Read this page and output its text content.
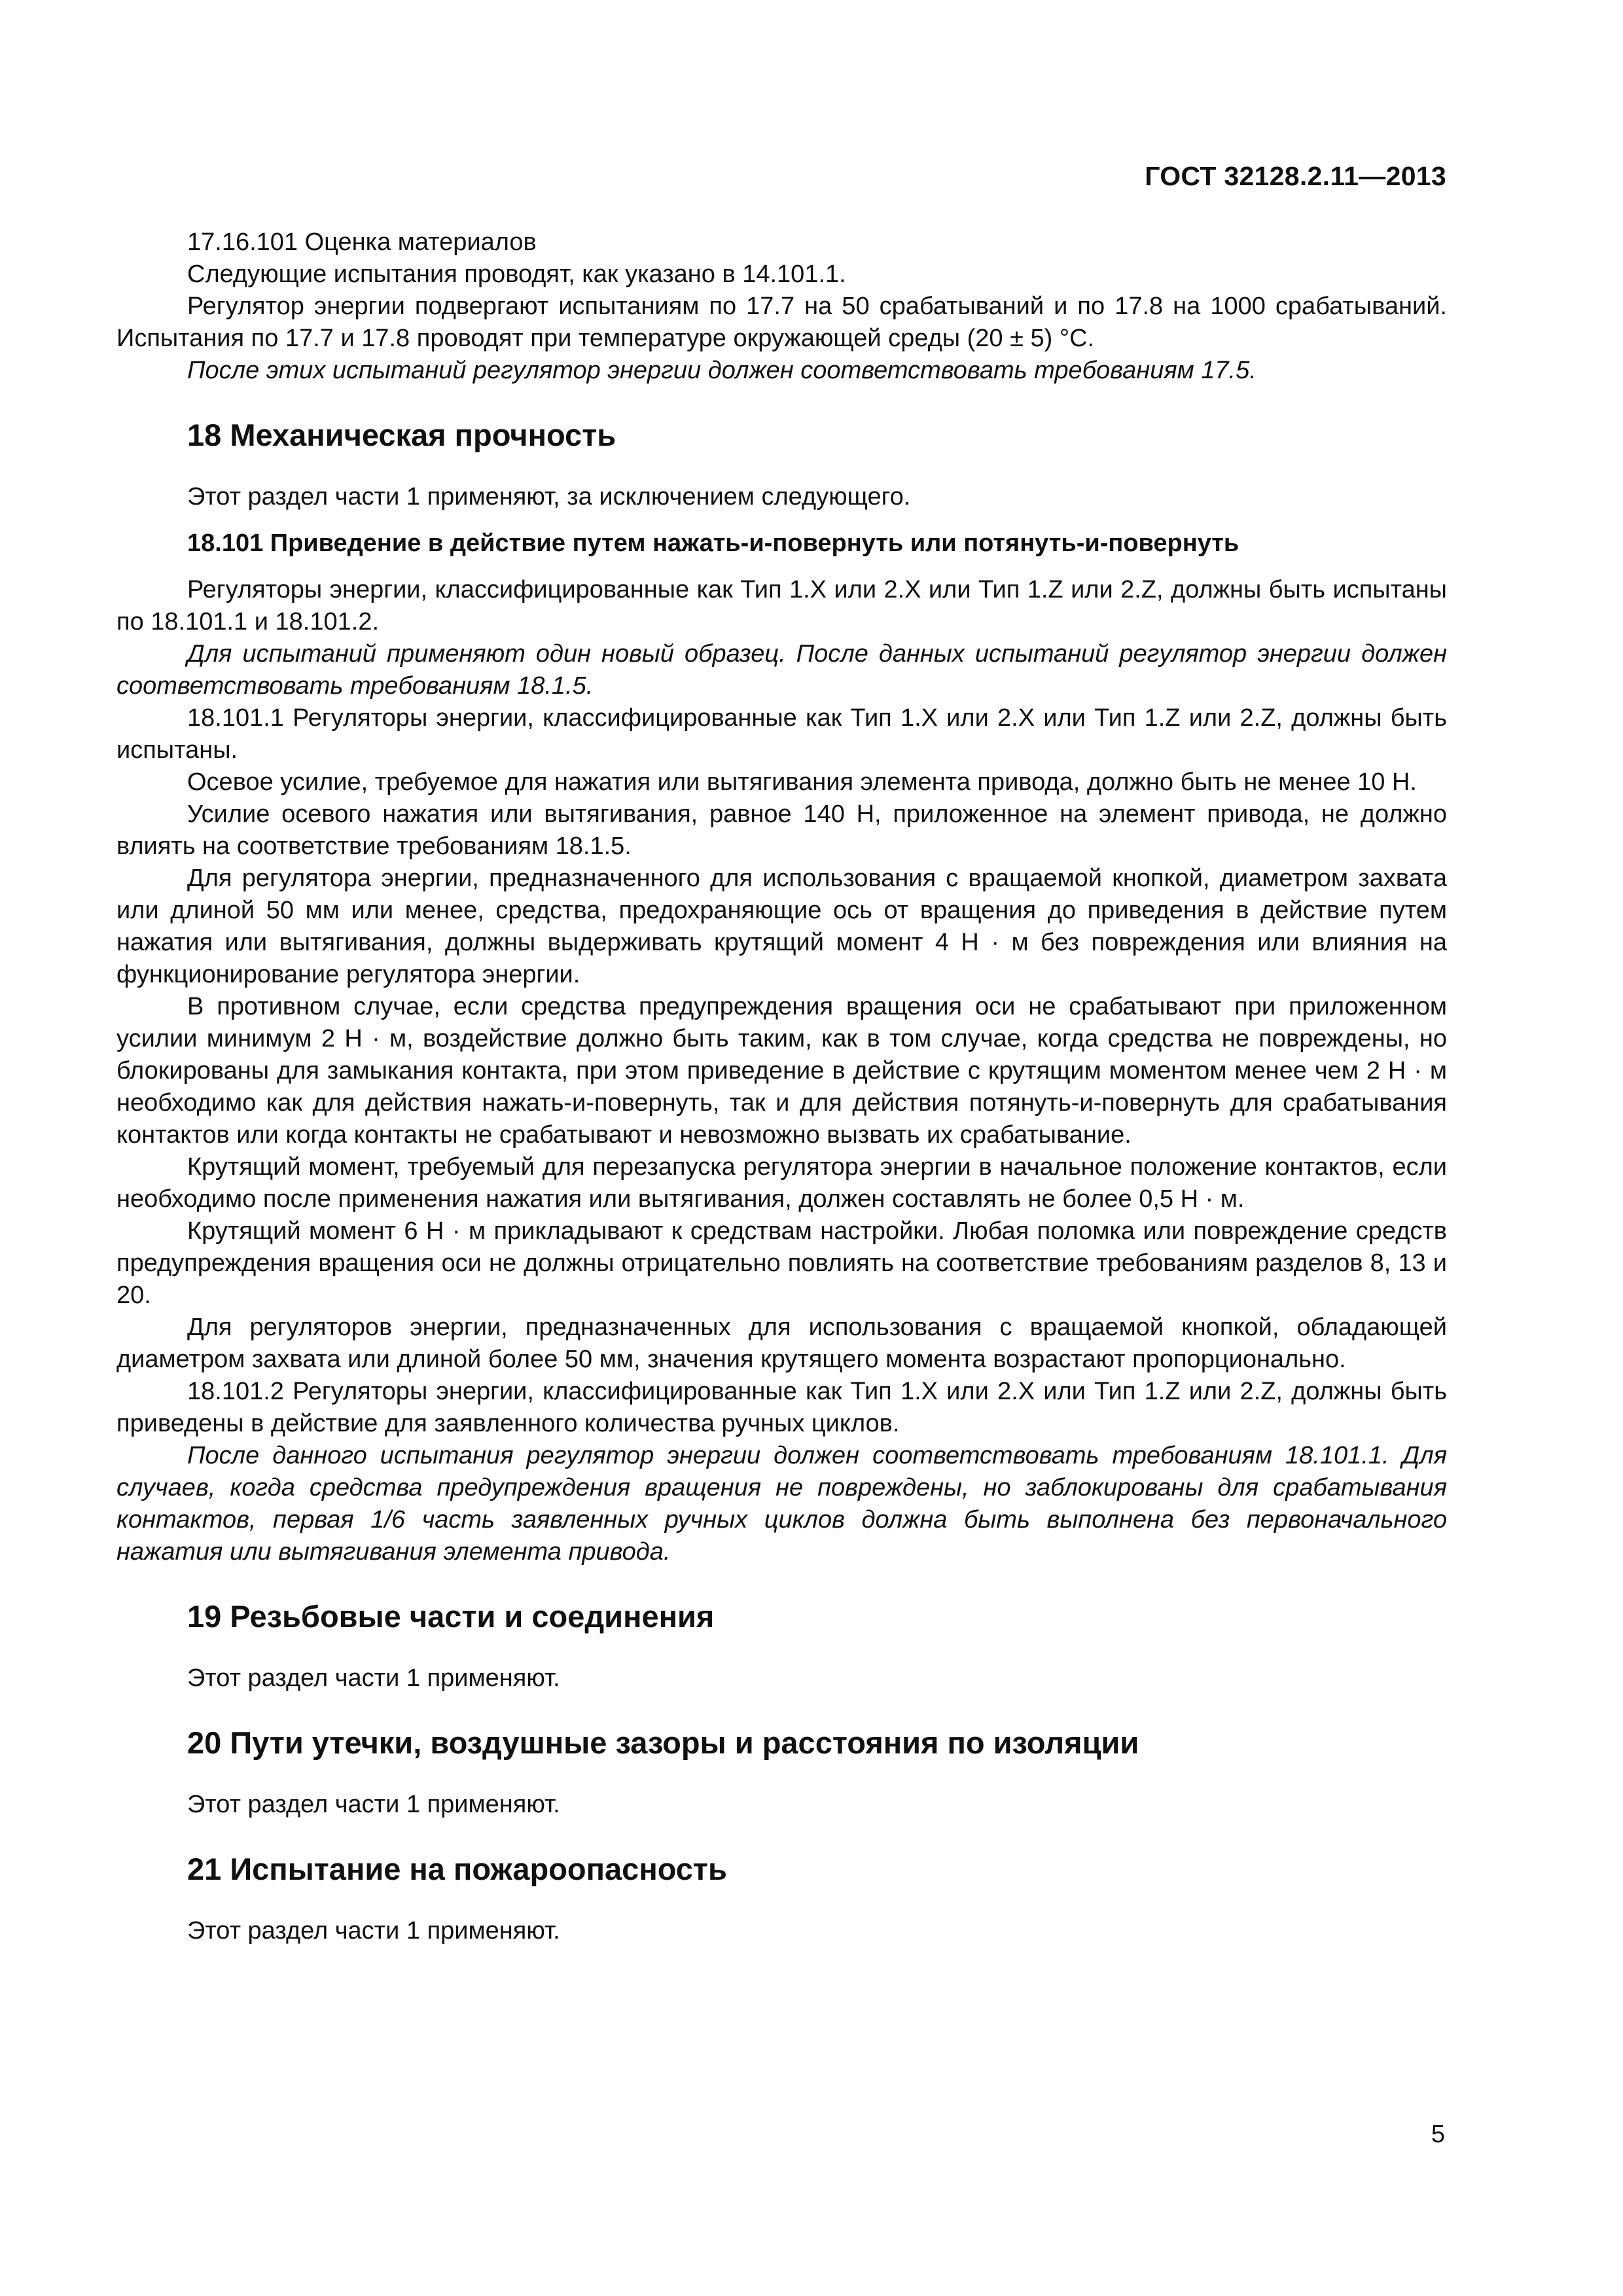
ГОСТ 32128.2.11—2013

17.16.101 Оценка материалов

Следующие испытания проводят, как указано в 14.101.1.

Регулятор энергии подвергают испытаниям по 17.7 на 50 срабатываний и по 17.8 на 1000 срабатываний. Испытания по 17.7 и 17.8 проводят при температуре окружающей среды (20 ± 5) °С.

После этих испытаний регулятор энергии должен соответствовать требованиям 17.5.

18 Механическая прочность

Этот раздел части 1 применяют, за исключением следующего.

18.101 Приведение в действие путем нажать-и-повернуть или потянуть-и-повернуть

Регуляторы энергии, классифицированные как Тип 1.X или 2.X или Тип 1.Z или 2.Z, должны быть испытаны по 18.101.1 и 18.101.2.

Для испытаний применяют один новый образец. После данных испытаний регулятор энергии должен соответствовать требованиям 18.1.5.

18.101.1 Регуляторы энергии, классифицированные как Тип 1.X или 2.X или Тип 1.Z или 2.Z, должны быть испытаны.

Осевое усилие, требуемое для нажатия или вытягивания элемента привода, должно быть не менее 10 Н.

Усилие осевого нажатия или вытягивания, равное 140 Н, приложенное на элемент привода, не должно влиять на соответствие требованиям 18.1.5.

Для регулятора энергии, предназначенного для использования с вращаемой кнопкой, диаметром захвата или длиной 50 мм или менее, средства, предохраняющие ось от вращения до приведения в действие путем нажатия или вытягивания, должны выдерживать крутящий момент 4 Н · м без повреждения или влияния на функционирование регулятора энергии.

В противном случае, если средства предупреждения вращения оси не срабатывают при приложенном усилии минимум 2 Н · м, воздействие должно быть таким, как в том случае, когда средства не повреждены, но блокированы для замыкания контакта, при этом приведение в действие с крутящим моментом менее чем 2 Н · м необходимо как для действия нажать-и-повернуть, так и для действия потянуть-и-повернуть для срабатывания контактов или когда контакты не срабатывают и невозможно вызвать их срабатывание.

Крутящий момент, требуемый для перезапуска регулятора энергии в начальное положение контактов, если необходимо после применения нажатия или вытягивания, должен составлять не более 0,5 Н · м.

Крутящий момент 6 Н · м прикладывают к средствам настройки. Любая поломка или повреждение средств предупреждения вращения оси не должны отрицательно повлиять на соответствие требованиям разделов 8, 13 и 20.

Для регуляторов энергии, предназначенных для использования с вращаемой кнопкой, обладающей диаметром захвата или длиной более 50 мм, значения крутящего момента возрастают пропорционально.

18.101.2 Регуляторы энергии, классифицированные как Тип 1.X или 2.X или Тип 1.Z или 2.Z, должны быть приведены в действие для заявленного количества ручных циклов.

После данного испытания регулятор энергии должен соответствовать требованиям 18.101.1. Для случаев, когда средства предупреждения вращения не повреждены, но заблокированы для срабатывания контактов, первая 1/6 часть заявленных ручных циклов должна быть выполнена без первоначального нажатия или вытягивания элемента привода.

19 Резьбовые части и соединения

Этот раздел части 1 применяют.

20 Пути утечки, воздушные зазоры и расстояния по изоляции

Этот раздел части 1 применяют.

21 Испытание на пожароопасность

Этот раздел части 1 применяют.

5
